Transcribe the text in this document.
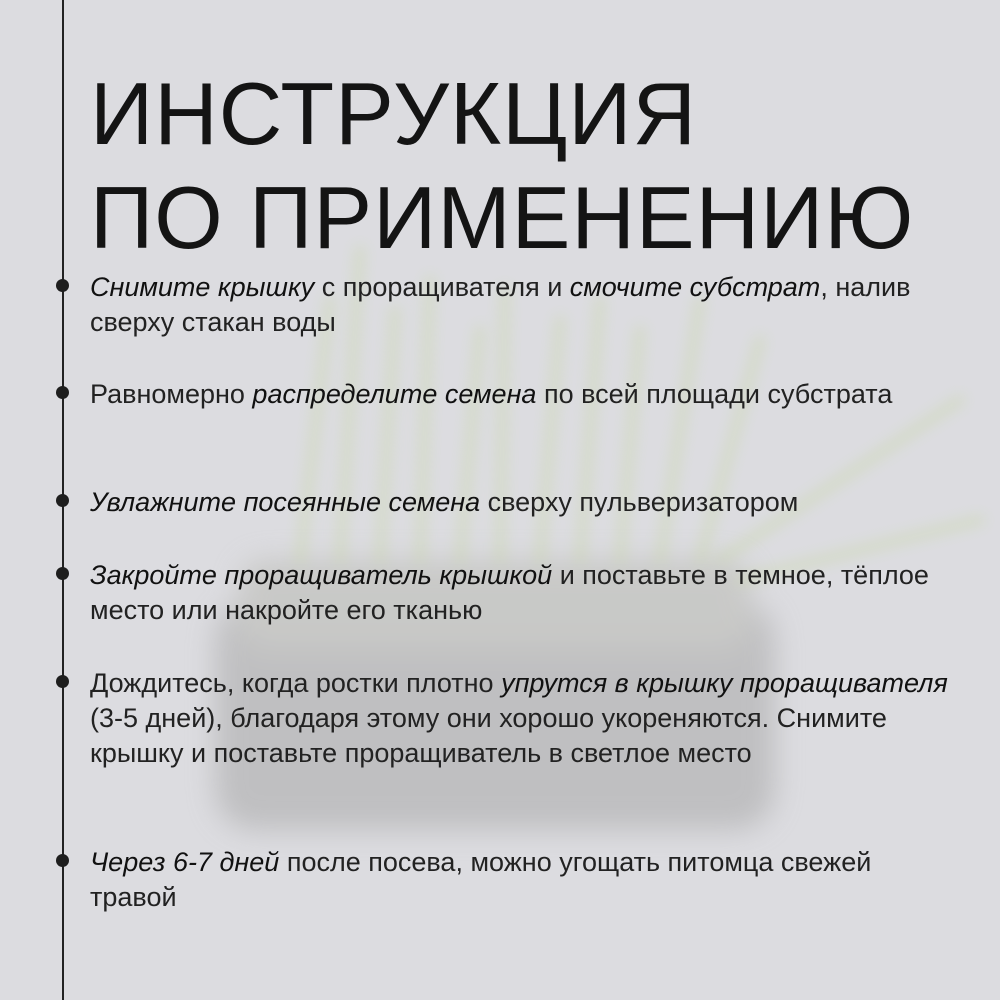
ИНСТРУКЦИЯ
ПО ПРИМЕНЕНИЮ

Снимите крышку с проращивателя и смочите субстрат, налив сверху стакан воды

Равномерно распределите семена по всей площади субстрата

Увлажните посеянные семена сверху пульверизатором

Закройте проращиватель крышкой и поставьте в темное, тёплое место или накройте его тканью

Дождитесь, когда ростки плотно упрутся в крышку проращивателя (3-5 дней), благодаря этому они хорошо укореняются. Снимите крышку и поставьте проращиватель в светлое место

Через 6-7 дней после посева, можно угощать питомца свежей травой
